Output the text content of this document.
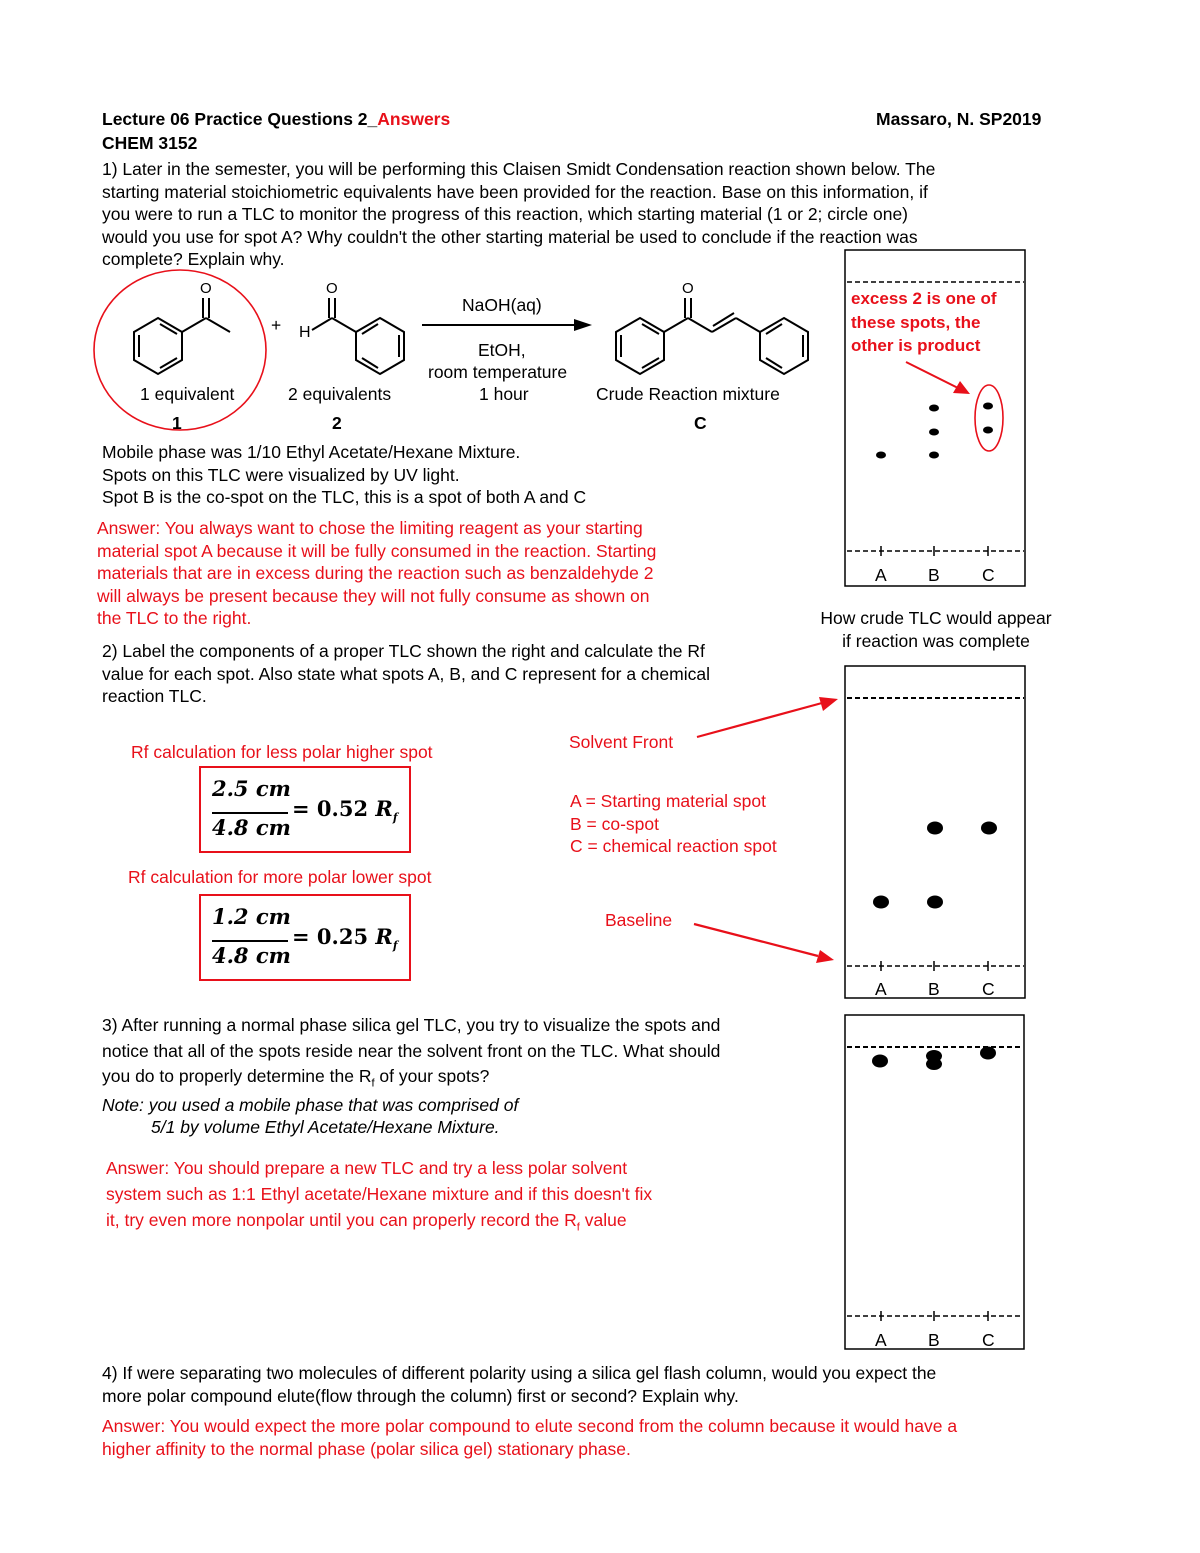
Lecture 06 Practice Questions 2_Answers	Massaro, N. SP2019
CHEM 3152
1) Later in the semester, you will be performing this Claisen Smidt Condensation reaction shown below. The
starting material stoichiometric equivalents have been provided for the reaction. Base on this information, if
you were to run a TLC to monitor the progress of this reaction, which starting material (1 or 2; circle one)
would you use for spot A? Why couldn't the other starting material be used to conclude if the reaction was
complete? Explain why.
O
+ H
O	O
NaOH(aq)
EtOH,
room temperature
1 hour
1 equivalent
1
2 equivalents
2
Crude Reaction mixture
C
Mobile phase was 1/10 Ethyl Acetate/Hexane Mixture.
Spots on this TLC were visualized by UV light.
Spot B is the co-spot on the TLC, this is a spot of both A and C
Answer: You always want to chose the limiting reagent as your starting
material spot A because it will be fully consumed in the reaction. Starting
materials that are in excess during the reaction such as benzaldehyde 2
will always be present because they will not fully consume as shown on
the TLC to the right.
excess 2 is one of
these spots, the
other is product
A B C
How crude TLC would appear
if reaction was complete
2) Label the components of a proper TLC shown the right and calculate the Rf
value for each spot. Also state what spots A, B, and C represent for a chemical
reaction TLC.
Rf calculation for less polar higher spot
2.5 cm
4.8 cm
= 0.52 $R_f$
Rf calculation for more polar lower spot
1.2 cm
4.8 cm
= 0.25 $R_f$
Solvent Front
A = Starting material spot
B = co-spot
C = chemical reaction spot
Baseline
A B C
3) After running a normal phase silica gel TLC, you try to visualize the spots and
notice that all of the spots reside near the solvent front on the TLC. What should
you do to properly determine the $R_f$ of your spots?
Note: you used a mobile phase that was comprised of
5/1 by volume Ethyl Acetate/Hexane Mixture.
Answer: You should prepare a new TLC and try a less polar solvent
system such as 1:1 Ethyl acetate/Hexane mixture and if this doesn't fix
it, try even more nonpolar until you can properly record the $R_f$ value
A B C
4) If were separating two molecules of different polarity using a silica gel flash column, would you expect the
more polar compound elute(flow through the column) first or second? Explain why.
Answer: You would expect the more polar compound to elute second from the column because it would have a
higher affinity to the normal phase (polar silica gel) stationary phase.
